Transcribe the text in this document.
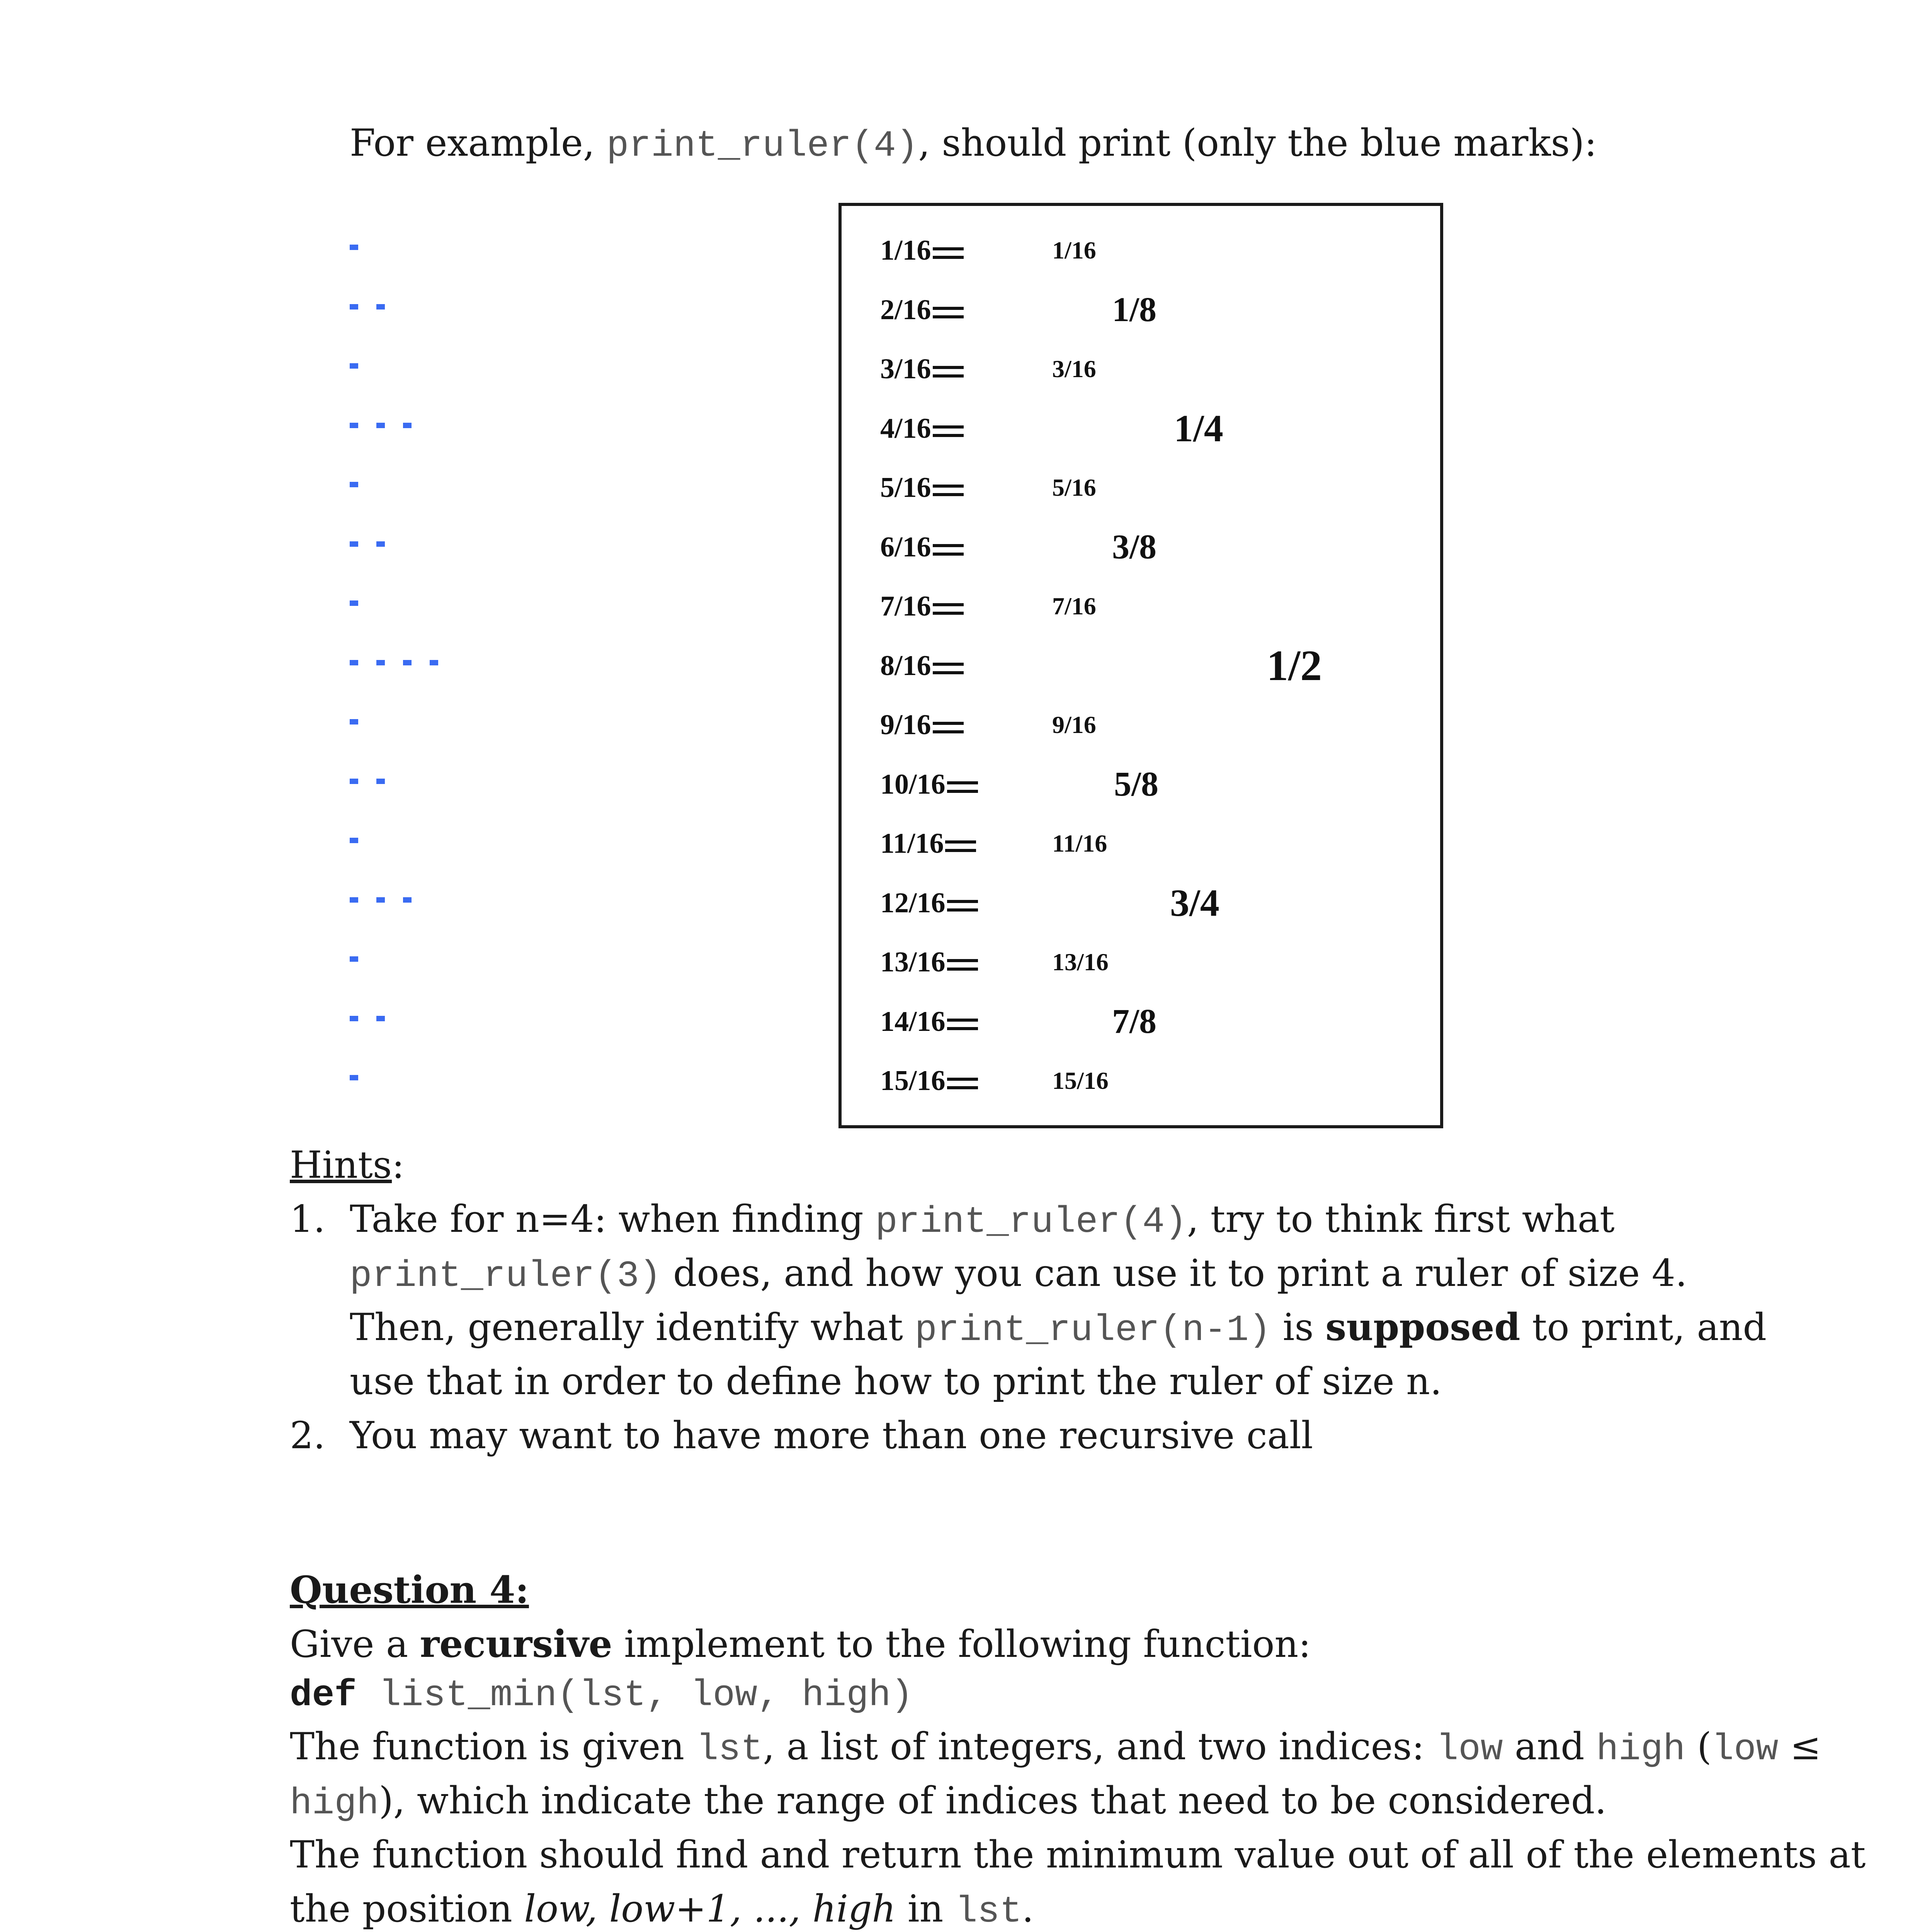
For example, print_ruler(4), should print (only the blue marks):
1/16
2/16
3/16
4/16
5/16
6/16
7/16
8/16
9/16
10/16
11/16
12/16
13/16
14/16
15/16
1/16
3/16
5/16
7/16
9/16
11/16
13/16
15/16
1/8
3/8
5/8
7/8
1/4
3/4
1/2
Hints:
1. Take for n=4: when finding print_ruler(4), try to think first what
print_ruler(3) does, and how you can use it to print a ruler of size 4.
Then, generally identify what print_ruler(n-1) is supposed to print, and
use that in order to define how to print the ruler of size n.
2. You may want to have more than one recursive call
Question 4:
Give a recursive implement to the following function:
def list_min(lst, low, high)
The function is given lst, a list of integers, and two indices: low and high (low ≤
high), which indicate the range of indices that need to be considered.
The function should find and return the minimum value out of all of the elements at
the position low, low+1, ..., high in lst.
